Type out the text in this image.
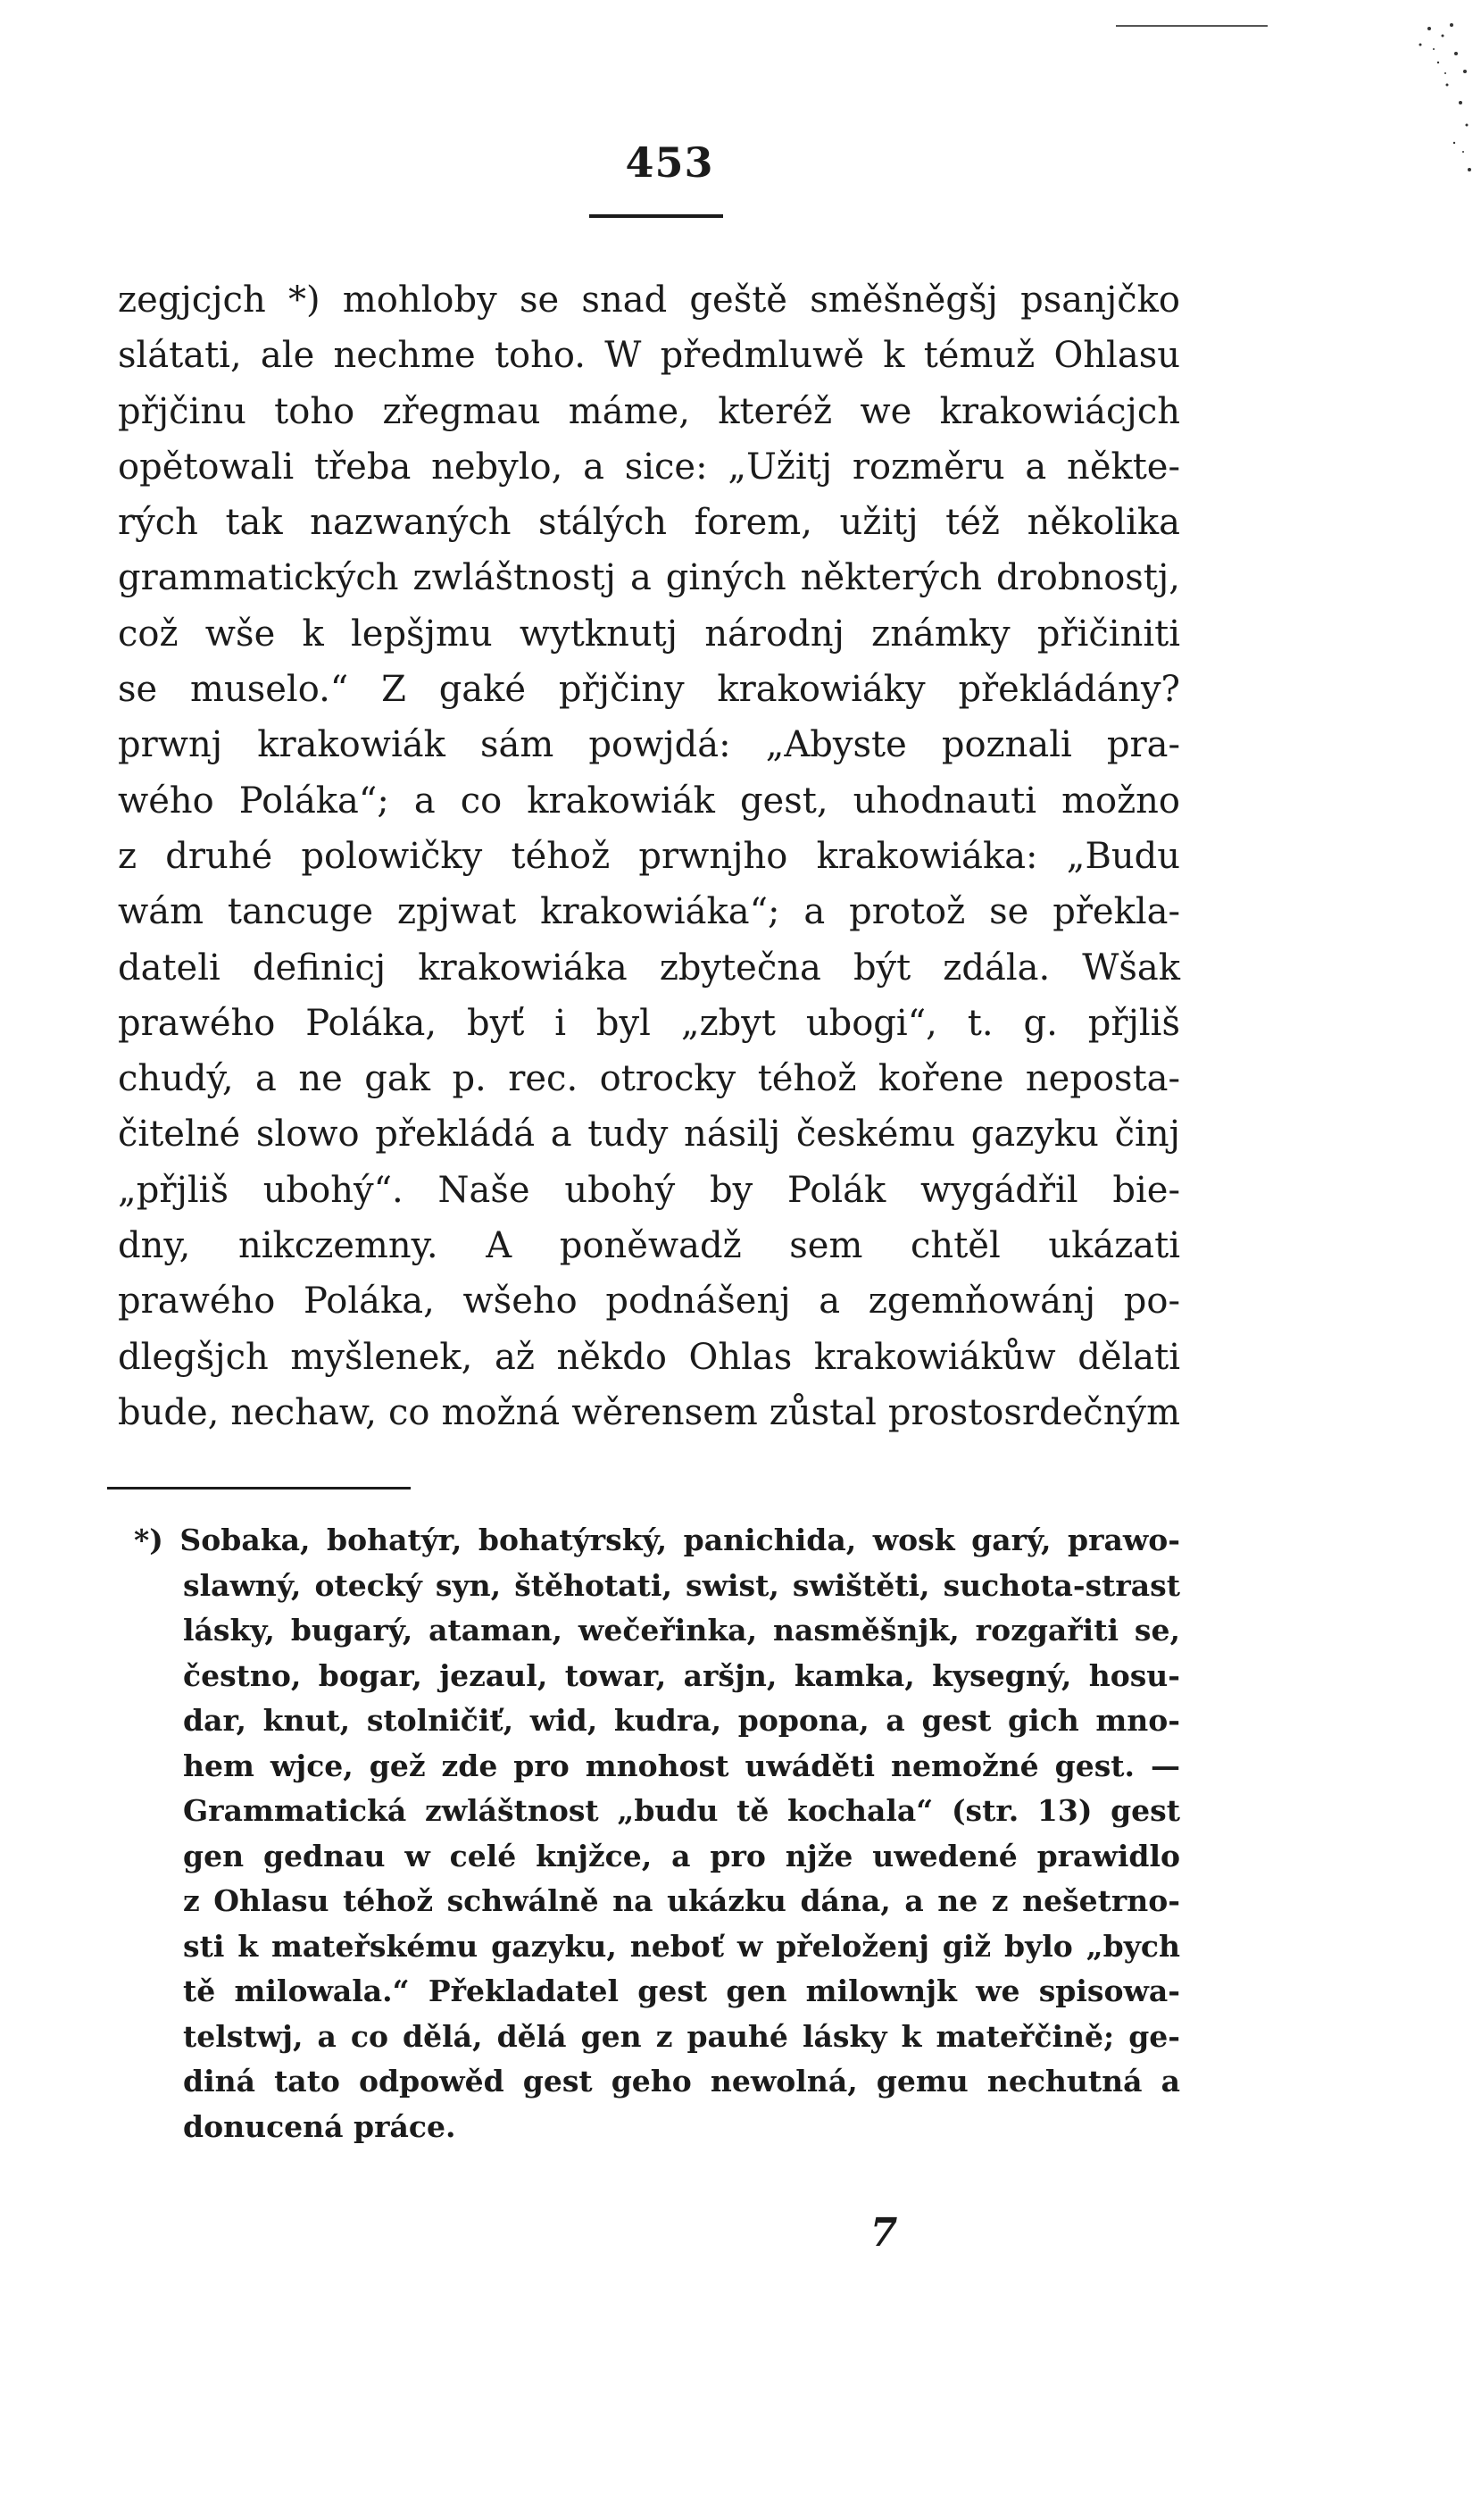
453
zegjcjch *) mohloby se snad geště směšněgšj psanjčko
slátati, ale nechme toho. W předmluwě k témuž Ohlasu
přjčinu toho zřegmau máme, kteréž we krakowiácjch
opětowali třeba nebylo, a sice: „Užitj rozměru a někte-
rých tak nazwaných stálých forem, užitj též několika
grammatických zwláštnostj a giných některých drobnostj,
což wše k lepšjmu wytknutj národnj známky přičiniti
se muselo.“ Z gaké přjčiny krakowiáky překládány?
prwnj krakowiák sám powjdá: „Abyste poznali pra-
wého Poláka“; a co krakowiák gest, uhodnauti možno
z druhé polowičky téhož prwnjho krakowiáka: „Budu
wám tancuge zpjwat krakowiáka“; a protož se překla-
dateli definicj krakowiáka zbytečna být zdála. Wšak
prawého Poláka, byť i byl „zbyt ubogi“, t. g. přjliš
chudý, a ne gak p. rec. otrocky téhož kořene neposta-
čitelné slowo překládá a tudy násilj českému gazyku činj
„přjliš ubohý“. Naše ubohý by Polák wygádřil bie-
dny, nikczemny. A poněwadž sem chtěl ukázati
prawého Poláka, wšeho podnášenj a zgemňowánj po-
dlegšjch myšlenek, až někdo Ohlas krakowiákůw dělati
bude, nechaw, co možná wěrensem zůstal prostosrdečným
*) Sobaka, bohatýr, bohatýrský, panichida, wosk garý, prawo-
slawný, otecký syn, štěhotati, swist, swištěti, suchota-strast
lásky, bugarý, ataman, wečeřinka, nasměšnjk, rozgařiti se,
čestno, bogar, jezaul, towar, aršjn, kamka, kysegný, hosu-
dar, knut, stolničiť, wid, kudra, popona, a gest gich mno-
hem wjce, gež zde pro mnohost uwáděti nemožné gest. —
Grammatická zwláštnost „budu tě kochala“ (str. 13) gest
gen gednau w celé knjžce, a pro njže uwedené prawidlo
z Ohlasu téhož schwálně na ukázku dána, a ne z nešetrno-
sti k mateřskému gazyku, neboť w přeloženj giž bylo „bych
tě milowala.“ Překladatel gest gen milownjk we spisowa-
telstwj, a co dělá, dělá gen z pauhé lásky k mateřčině; ge-
diná tato odpowěd gest geho newolná, gemu nechutná a
donucená práce.
7
